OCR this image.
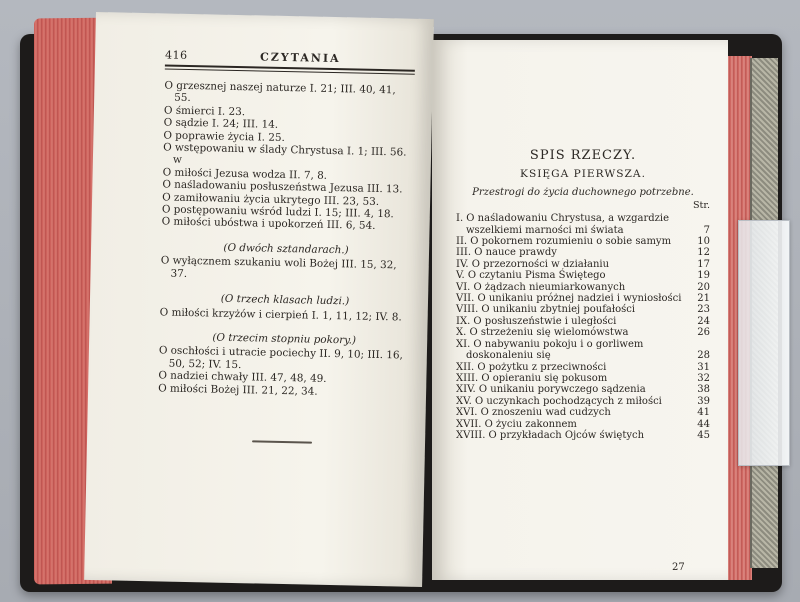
416	CZYTANIA

O grzesznej naszej naturze I. 21; III. 40, 41, 55.

O śmierci I. 23.

O sądzie I. 24; III. 14.

O poprawie życia I. 25.

O wstępowaniu w ślady Chrystusa I. 1; III. 56. w

O miłości Jezusa wodza II. 7, 8.

O naśladowaniu posłuszeństwa Jezusa III. 13.

O zamiłowaniu życia ukrytego III. 23, 53.

O postępowaniu wśród ludzi I. 15; III. 4, 18.

O miłości ubóstwa i upokorzeń III. 6, 54.

(O dwóch sztandarach.)

O wyłącznem szukaniu woli Bożej III. 15, 32, 37.

(O trzech klasach ludzi.)

O miłości krzyżów i cierpień I. 1, 11, 12; IV. 8.

(O trzecim stopniu pokory.)

O oschłości i utracie pociechy II. 9, 10; III. 16, 50, 52; IV. 15.

O nadziei chwały III. 47, 48, 49.

O miłości Bożej III. 21, 22, 34.

SPIS RZECZY.

KSIĘGA PIERWSZA.

Przestrogi do życia duchownego potrzebne.

Str.

I. O naśladowaniu Chrystusa, a wzgardzie wszelkiemi marności mi świata	7
II. O pokornem rozumieniu o sobie samym	10
III. O nauce prawdy	12
IV. O przezorności w działaniu	17
V. O czytaniu Pisma Świętego	19
VI. O żądzach nieumiarkowanych	20
VII. O unikaniu próżnej nadziei i wyniosłości	21
VIII. O unikaniu zbytniej poufałości	23
IX. O posłuszeństwie i uległości	24
X. O strzeżeniu się wielomówstwa	26
XI. O nabywaniu pokoju i o gorliwem doskonaleniu się	28
XII. O pożytku z przeciwności	31
XIII. O opieraniu się pokusom	32
XIV. O unikaniu porywczego sądzenia	38
XV. O uczynkach pochodzących z miłości	39
XVI. O znoszeniu wad cudzych	41
XVII. O życiu zakonnem	44
XVIII. O przykładach Ojców świętych	45
27
